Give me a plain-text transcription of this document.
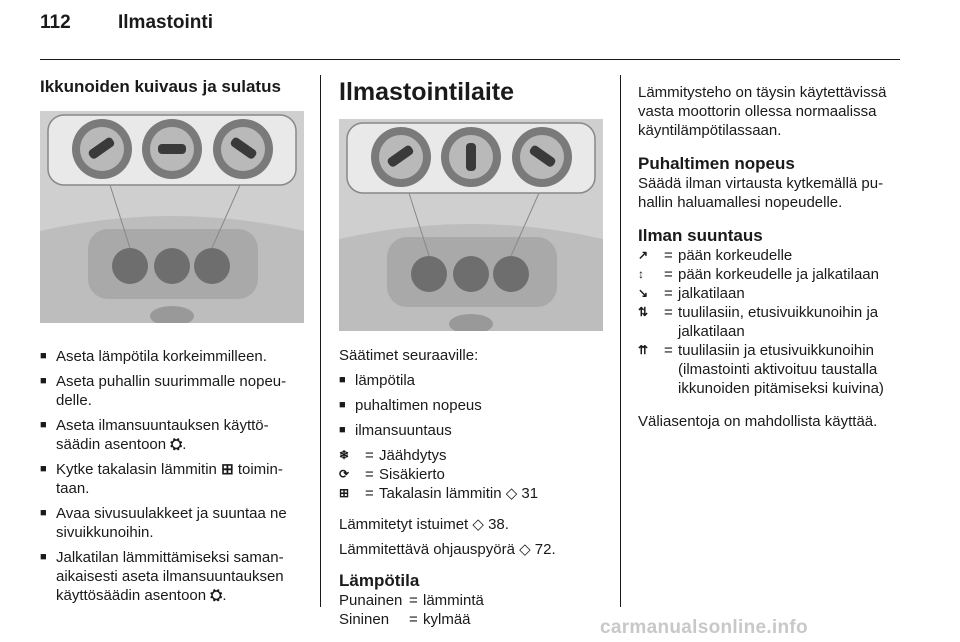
112 Ilmastointi
Ikkunoiden kuivaus ja sulatus
■ Aseta lämpötila korkeimmilleen.
■ Aseta puhallin suurimmalle nopeu-delle.
■ Aseta ilmansuuntauksen käyttö-säädin asentoon ⛭.
■ Kytke takalasin lämmitin ⊞ toimin-taan.
■ Avaa sivusuulakkeet ja suuntaa ne sivuikkunoihin.
■ Jalkatilan lämmittämiseksi saman-aikaisesti aseta ilmansuuntauksen käyttösäädin asentoon ⛭.
Ilmastointilaite

Säätimet seuraaville:

■ lämpötila
■ puhaltimen nopeus
■ ilmansuuntaus
❄	= Jäähdytys
⟳	= Sisäkierto
⊞	= Takalasin lämmitin ◇ 31

Lämmitetyt istuimet ◇ 38.

Lämmitettävä ohjauspyörä ◇ 72.

Lämpötila
Punainen = lämmintä
Sininen	= kylmää

Lämmitysteho on täysin käytettävissä vasta moottorin ollessa normaalissa käyntilämpötilassaan.

Puhaltimen nopeus

Säädä ilman virtausta kytkemällä pu-hallin haluamallesi nopeudelle.

Ilman suuntaus
↗	= pään korkeudelle
↕	= pään korkeudelle ja jalkatilaan
↘	= jalkatilaan
⇅	= tuulilasiin, etusivuikkunoihin ja jalkatilaan
⇈	= tuulilasiin ja etusivuikkunoihin (ilmastointi aktivoituu taustalla ikkunoiden pitämiseksi kuivina)

Väliasentoja on mahdollista käyttää.

carmanualsonline.info
